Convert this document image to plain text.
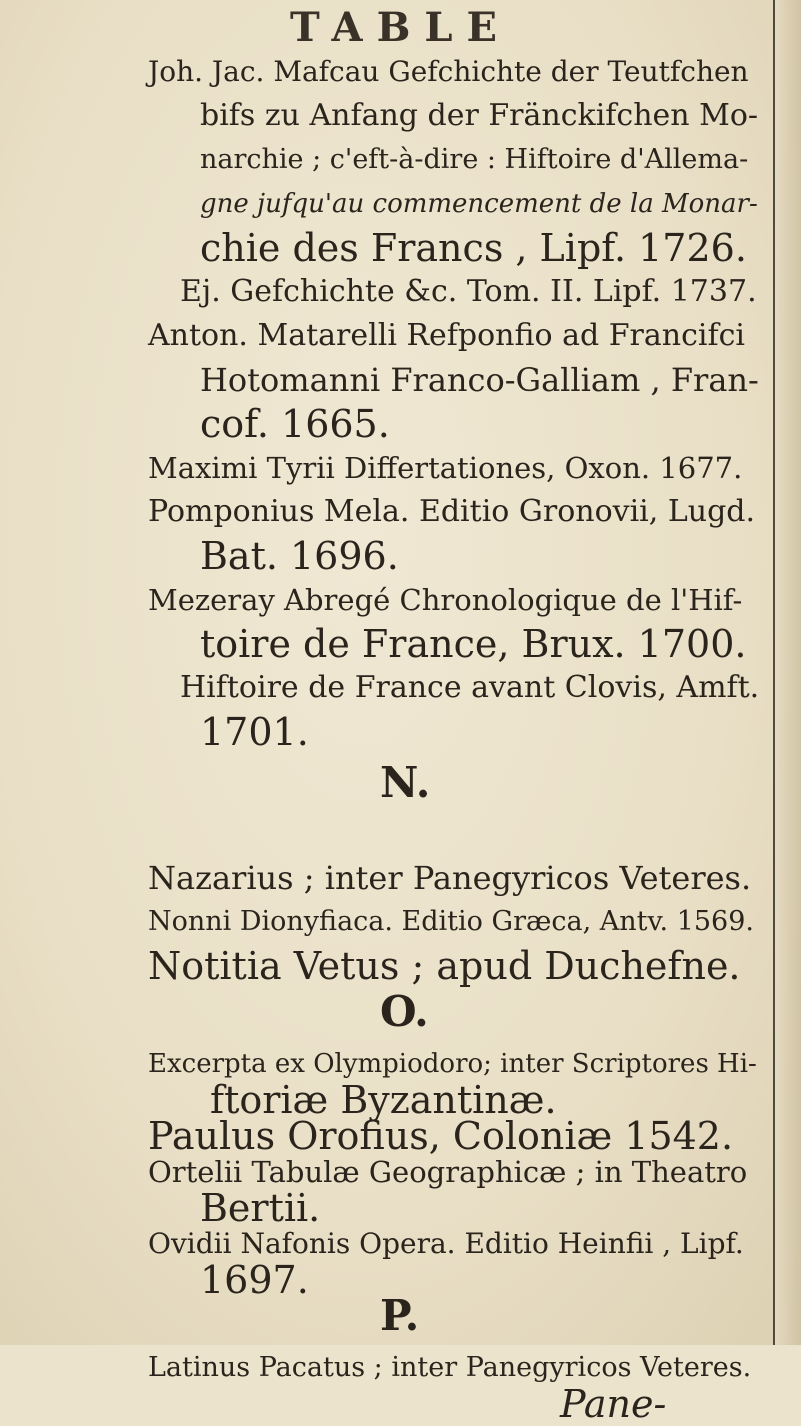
TABLE
Joh. Jac. Mafcau Gefchichte der Teutfchen
bifs zu Anfang der Fränckifchen Mo-
narchie ; c'eft-à-dire : Hiftoire d'Allema-
gne jufqu'au commencement de la Monar-
chie des Francs , Lipf. 1726.
Ej. Gefchichte &c. Tom. II. Lipf. 1737.
Anton. Matarelli Refponfio ad Francifci
Hotomanni Franco-Galliam , Fran-
cof. 1665.
Maximi Tyrii Differtationes, Oxon. 1677.
Pomponius Mela. Editio Gronovii, Lugd.
Bat. 1696.
Mezeray Abregé Chronologique de l'Hif-
toire de France, Brux. 1700.
Hiftoire de France avant Clovis, Amft.
1701.
N.
Nazarius ; inter Panegyricos Veteres.
Nonni Dionyfiaca. Editio Græca, Antv. 1569.
Notitia Vetus ; apud Duchefne.
O.
Excerpta ex Olympiodoro; inter Scriptores Hi-
ftoriæ Byzantinæ.
Paulus Orofius, Coloniæ 1542.
Ortelii Tabulæ Geographicæ ; in Theatro
Bertii.
Ovidii Nafonis Opera. Editio Heinfii , Lipf.
1697.
P.
Latinus Pacatus ; inter Panegyricos Veteres.
Pane-
